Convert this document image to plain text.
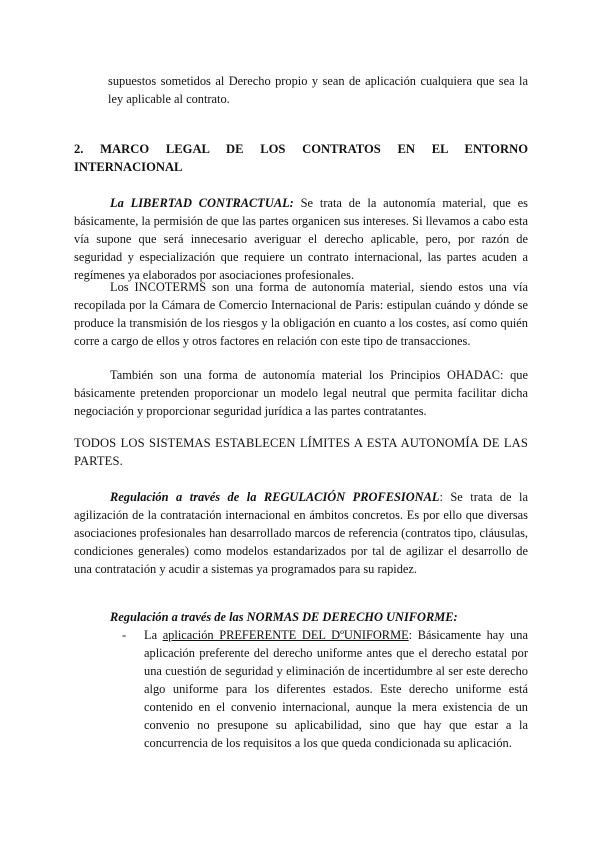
supuestos sometidos al Derecho propio y sean de aplicación cualquiera que sea la ley aplicable al contrato.

2. MARCO LEGAL DE LOS CONTRATOS EN EL ENTORNO INTERNACIONAL

La LIBERTAD CONTRACTUAL: Se trata de la autonomía material, que es básicamente, la permisión de que las partes organicen sus intereses. Si llevamos a cabo esta vía supone que será innecesario averiguar el derecho aplicable, pero, por razón de seguridad y especialización que requiere un contrato internacional, las partes acuden a regímenes ya elaborados por asociaciones profesionales.

Los INCOTERMS son una forma de autonomía material, siendo estos una vía recopilada por la Cámara de Comercio Internacional de Paris: estipulan cuándo y dónde se produce la transmisión de los riesgos y la obligación en cuanto a los costes, así como quién corre a cargo de ellos y otros factores en relación con este tipo de transacciones.

También son una forma de autonomía material los Principios OHADAC: que básicamente pretenden proporcionar un modelo legal neutral que permita facilitar dicha negociación y proporcionar seguridad jurídica a las partes contratantes.

TODOS LOS SISTEMAS ESTABLECEN LÍMITES A ESTA AUTONOMÍA DE LAS PARTES.

Regulación a través de la REGULACIÓN PROFESIONAL: Se trata de la agilización de la contratación internacional en ámbitos concretos. Es por ello que diversas asociaciones profesionales han desarrollado marcos de referencia (contratos tipo, cláusulas, condiciones generales) como modelos estandarizados por tal de agilizar el desarrollo de una contratación y acudir a sistemas ya programados para su rapidez.

Regulación a través de las NORMAS DE DERECHO UNIFORME:

- La aplicación PREFERENTE DEL DºUNIFORME: Básicamente hay una aplicación preferente del derecho uniforme antes que el derecho estatal por una cuestión de seguridad y eliminación de incertidumbre al ser este derecho algo uniforme para los diferentes estados. Este derecho uniforme está contenido en el convenio internacional, aunque la mera existencia de un convenio no presupone su aplicabilidad, sino que hay que estar a la concurrencia de los requisitos a los que queda condicionada su aplicación.
